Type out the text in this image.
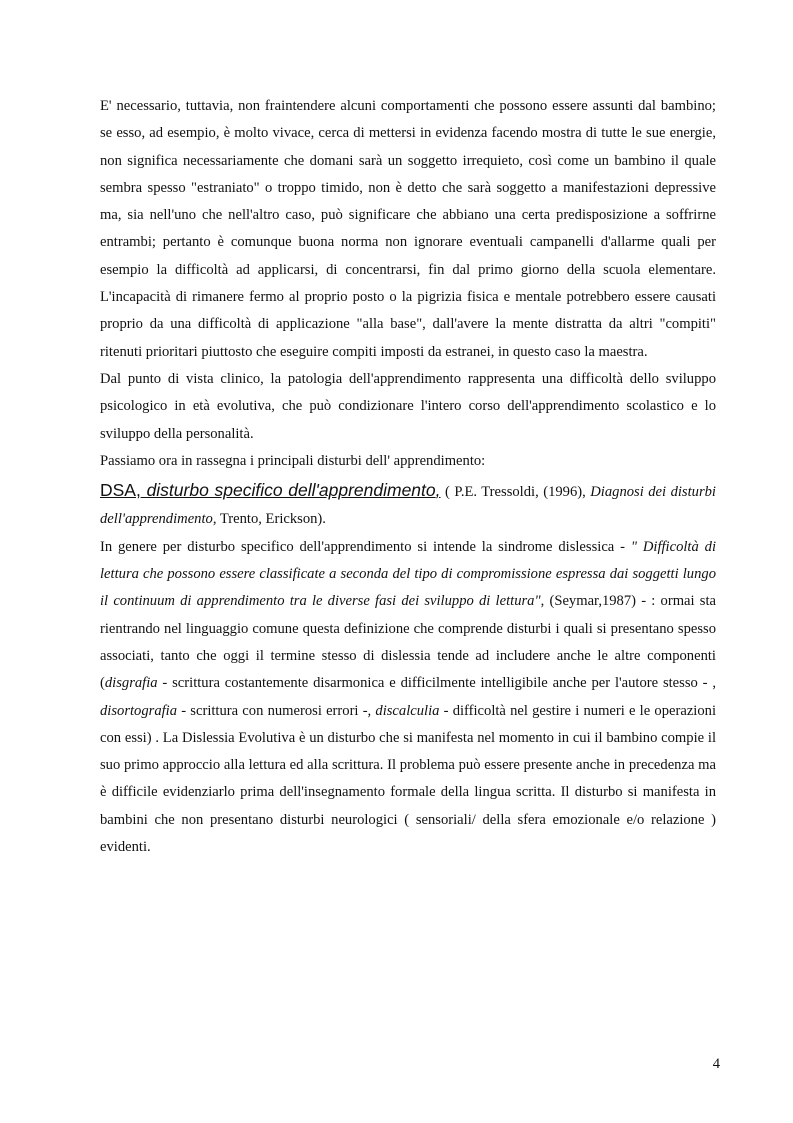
E' necessario, tuttavia, non fraintendere alcuni comportamenti che possono essere assunti dal bambino; se esso, ad esempio, è molto vivace, cerca di mettersi in evidenza facendo mostra di tutte le sue energie, non significa necessariamente che domani sarà un soggetto irrequieto, così come un bambino il quale sembra spesso "estraniato" o troppo timido, non è detto che sarà soggetto a manifestazioni depressive ma, sia nell'uno che nell'altro caso, può significare che abbiano una certa predisposizione a soffrirne entrambi; pertanto è comunque buona norma non ignorare eventuali campanelli d'allarme quali per esempio la difficoltà ad applicarsi, di concentrarsi, fin dal primo giorno della scuola elementare. L'incapacità di rimanere fermo al proprio posto o la pigrizia fisica e mentale potrebbero essere causati proprio da una difficoltà di applicazione "alla base", dall'avere la mente distratta da altri "compiti" ritenuti prioritari piuttosto che eseguire compiti imposti da estranei, in questo caso la maestra.

Dal punto di vista clinico, la patologia dell'apprendimento rappresenta una difficoltà dello sviluppo psicologico in età evolutiva, che può condizionare l'intero corso dell'apprendimento scolastico e lo sviluppo della personalità.

Passiamo ora in rassegna i principali disturbi dell' apprendimento:

DSA, disturbo specifico dell'apprendimento, ( P.E. Tressoldi, (1996), Diagnosi dei disturbi dell'apprendimento, Trento, Erickson).

In genere per disturbo specifico dell'apprendimento si intende la sindrome dislessica - " Difficoltà di lettura che possono essere classificate a seconda del tipo di compromissione espressa dai soggetti lungo il continuum di apprendimento tra le diverse fasi dei sviluppo di lettura", (Seymar,1987) - : ormai sta rientrando nel linguaggio comune questa definizione che comprende disturbi i quali si presentano spesso associati, tanto che oggi il termine stesso di dislessia tende ad includere anche le altre componenti (disgrafia - scrittura costantemente disarmonica e difficilmente intelligibile anche per l'autore stesso - , disortografia - scrittura con numerosi errori -, discalculia - difficoltà nel gestire i numeri e le operazioni con essi) . La Dislessia Evolutiva è un disturbo che si manifesta nel momento in cui il bambino compie il suo primo approccio alla lettura ed alla scrittura. Il problema può essere presente anche in precedenza ma è difficile evidenziarlo prima dell'insegnamento formale della lingua scritta. Il disturbo si manifesta in bambini che non presentano disturbi neurologici ( sensoriali/ della sfera emozionale e/o relazione ) evidenti.

4
